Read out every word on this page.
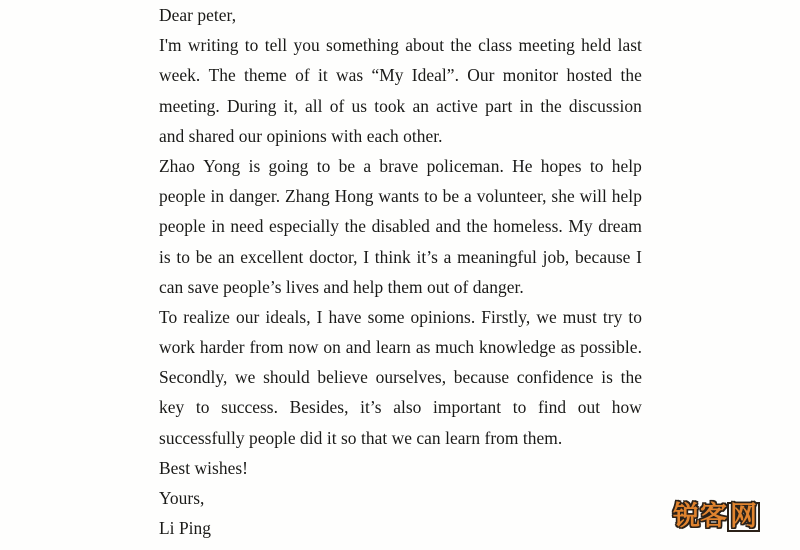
Dear peter,
I'm writing to tell you something about the class meeting held last
week. The theme of it was “My Ideal”. Our monitor hosted the
meeting. During it, all of us took an active part in the discussion
and shared our opinions with each other.
Zhao Yong is going to be a brave policeman. He hopes to help
people in danger. Zhang Hong wants to be a volunteer, she will help
people in need especially the disabled and the homeless. My dream
is to be an excellent doctor, I think it’s a meaningful job, because I
can save people’s lives and help them out of danger.
To realize our ideals, I have some opinions. Firstly, we must try to
work harder from now on and learn as much knowledge as possible.
Secondly, we should believe ourselves, because confidence is the
key to success. Besides, it’s also important to find out how
successfully people did it so that we can learn from them.
Best wishes!
Yours,
Li Ping	锐客 网
